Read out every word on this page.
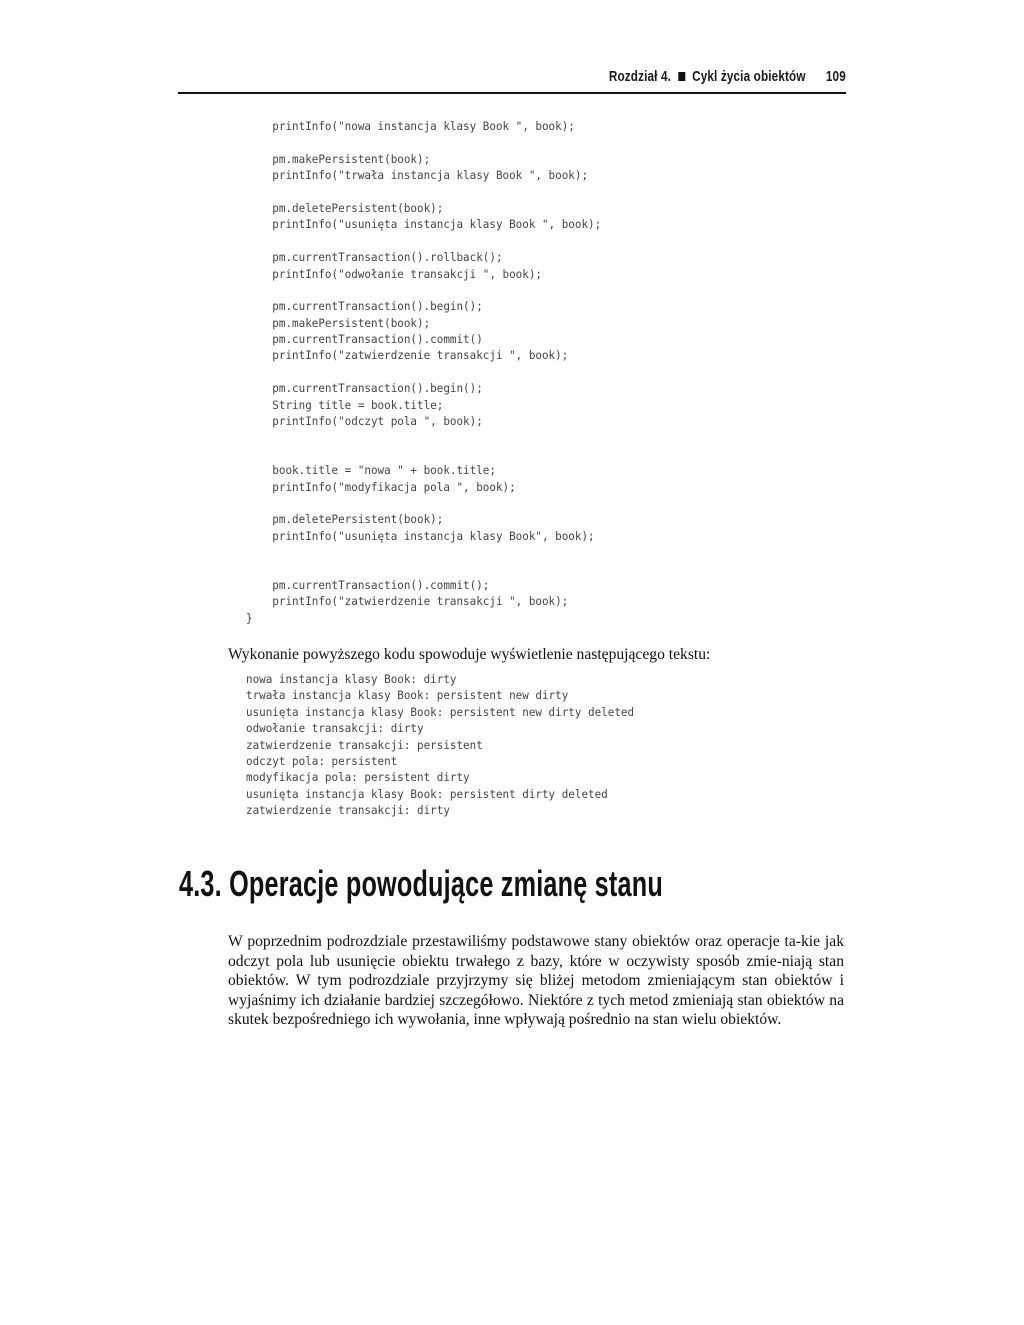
Rozdział 4. Cykl życia obiektów 109
printInfo("nowa instancja klasy Book ", book);
pm.makePersistent(book);
printInfo("trwała instancja klasy Book ", book);
pm.deletePersistent(book);
printInfo("usunięta instancja klasy Book ", book);
pm.currentTransaction().rollback();
printInfo("odwołanie transakcji ", book);
pm.currentTransaction().begin();
pm.makePersistent(book);
pm.currentTransaction().commit()
printInfo("zatwierdzenie transakcji ", book);
pm.currentTransaction().begin();
String title = book.title;
printInfo("odczyt pola ", book);
book.title = "nowa " + book.title;
printInfo("modyfikacja pola ", book);
pm.deletePersistent(book);
printInfo("usunięta instancja klasy Book", book);
pm.currentTransaction().commit();
printInfo("zatwierdzenie transakcji ", book);
}
Wykonanie powyższego kodu spowoduje wyświetlenie następującego tekstu:
nowa instancja klasy Book: dirty
trwała instancja klasy Book: persistent new dirty
usunięta instancja klasy Book: persistent new dirty deleted
odwołanie transakcji: dirty
zatwierdzenie transakcji: persistent
odczyt pola: persistent
modyfikacja pola: persistent dirty
usunięta instancja klasy Book: persistent dirty deleted
zatwierdzenie transakcji: dirty
4.3. Operacje powodujące zmianę stanu

W poprzednim podrozdziale przestawiliśmy podstawowe stany obiektów oraz operacje ta-kie jak odczyt pola lub usunięcie obiektu trwałego z bazy, które w oczywisty sposób zmie-niają stan obiektów. W tym podrozdziale przyjrzymy się bliżej metodom zmieniającym stan obiektów i wyjaśnimy ich działanie bardziej szczegółowo. Niektóre z tych metod zmieniają stan obiektów na skutek bezpośredniego ich wywołania, inne wpływają pośrednio na stan wielu obiektów.
